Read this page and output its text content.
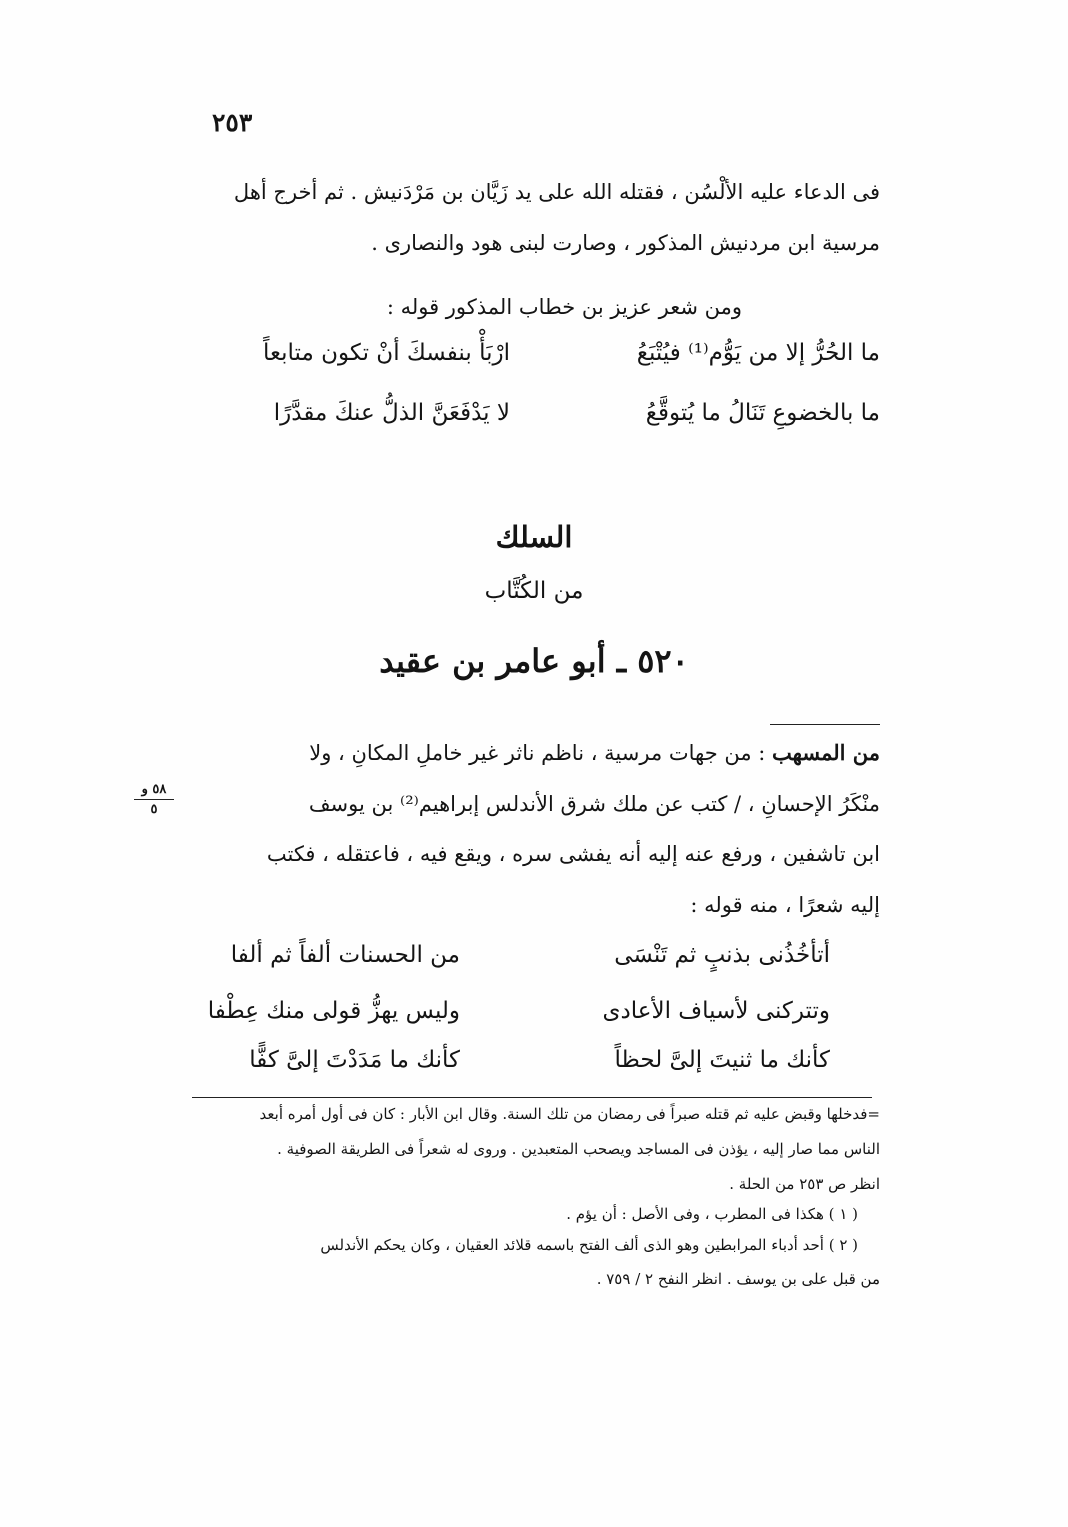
٢٥٣
فى الدعاء عليه الألْسُن ، فقتله الله على يد زَيَّان بن مَرْدَنيش . ثم أخرج أهل
مرسية ابن مردنيش المذكور ، وصارت لبنى هود والنصارى .
ومن شعر عزيز بن خطاب المذكور قوله :
ارْبَأْ بنفسكَ أنْ تكون متابعاً	ما الحُرُّ إلا من يَوُّم⁽¹⁾ فيُتْبَعُ
لا يَدْفَعَنَّ الذلُّ عنكَ مقدَّرًا	ما بالخضوعِ تَنَالُ ما يُتوقَّعُ
السلك
من الكُتَّاب
٥٢٠ ـ أبو عامر بن عقيد
من المسهب : من جهات مرسية ، ناظم ناثر غير خاملِ المكانِ ، ولا
منْكَرُ الإحسانِ ، / كتب عن ملك شرق الأندلس إبراهيم⁽²⁾ بن يوسف
ابن تاشفين ، ورفع عنه إليه أنه يفشى سره ، ويقع فيه ، فاعتقله ، فكتب
إليه شعرًا ، منه قوله :
٥٨ و
٥
أتأخُذُنى بذنبٍ ثم تَنْسَى
من الحسنات ألفاً ثم ألفا
وتتركنى لأسياف الأعادى
وليس يهزُّ قولى منك عِطْفا
كأنك ما ثنيتَ إلىَّ لحظاً
كأنك ما مَدَدْتَ إلىَّ كفًّا
=فدخلها وقبض عليه ثم قتله صبراً فى رمضان من تلك السنة. وقال ابن الأبار : كان فى أول أمره أبعد
الناس مما صار إليه ، يؤذن فى المساجد ويصحب المتعبدين . وروى له شعراً فى الطريقة الصوفية .
انظر ص ٢٥٣ من الحلة .
( ١ ) هكذا فى المطرب ، وفى الأصل : أن يؤم .
( ٢ ) أحد أدباء المرابطين وهو الذى ألف الفتح باسمه قلائد العقيان ، وكان يحكم الأندلس
من قبل على بن يوسف . انظر النفح ٢ / ٧٥٩ .
